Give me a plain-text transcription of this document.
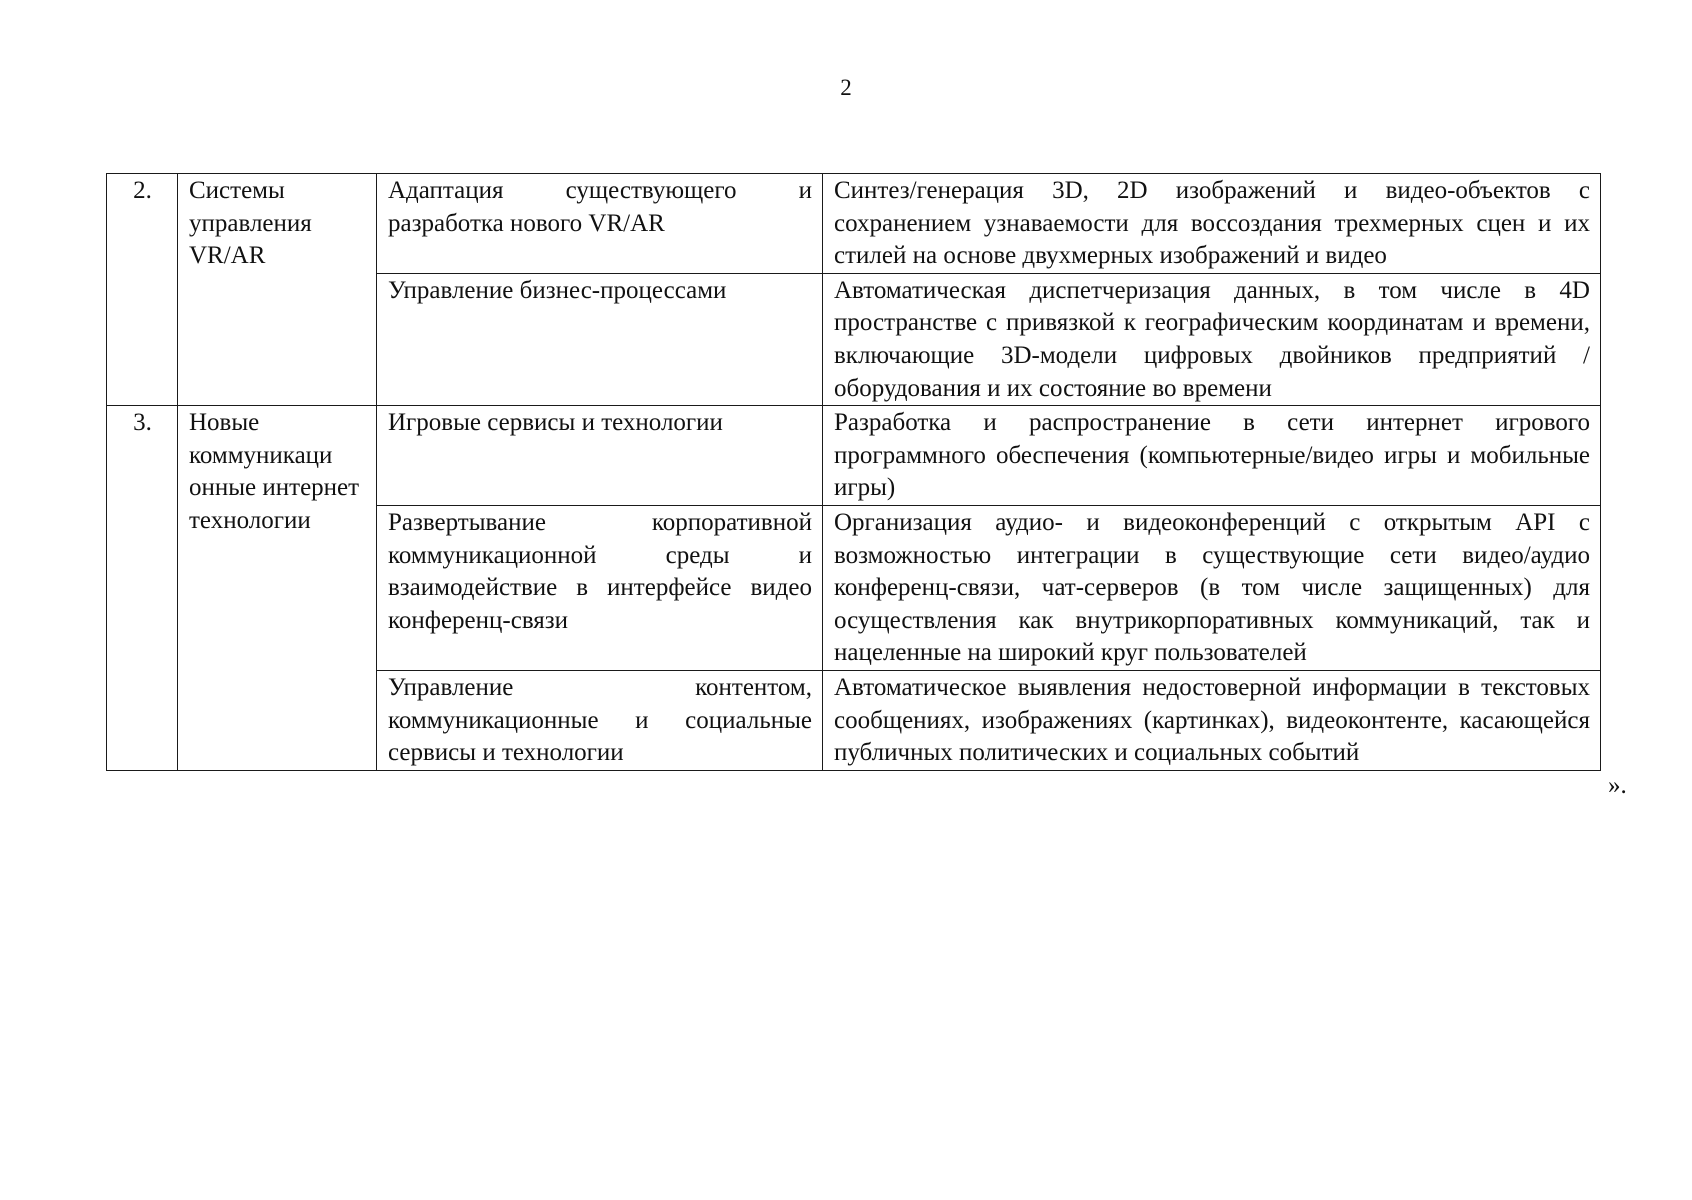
2
2.	Системы управления VR/AR	Адаптация существующего и разработка нового VR/AR	Синтез/генерация 3D, 2D изображений и видео-объектов с сохранением узнаваемости для воссоздания трехмерных сцен и их стилей на основе двухмерных изображений и видео
		Управление бизнес-процессами	Автоматическая диспетчеризация данных, в том числе в 4D пространстве с привязкой к географическим координатам и времени, включающие 3D-модели цифровых двойников предприятий / оборудования и их состояние во времени
3.	Новые коммуникаци онные интернет технологии	Игровые сервисы и технологии	Разработка и распространение в сети интернет игрового программного обеспечения (компьютерные/видео игры и мобильные игры)
		Развертывание корпоративной коммуникационной среды и взаимодействие в интерфейсе видео конференц-связи	Организация аудио- и видеоконференций с открытым API с возможностью интеграции в существующие сети видео/аудио конференц-связи, чат-серверов (в том числе защищенных) для осуществления как внутрикорпоративных коммуникаций, так и нацеленные на широкий круг пользователей
		Управление контентом, коммуникационные и социальные сервисы и технологии	Автоматическое выявления недостоверной информации в текстовых сообщениях, изображениях (картинках), видеоконтенте, касающейся публичных политических и социальных событий
».
